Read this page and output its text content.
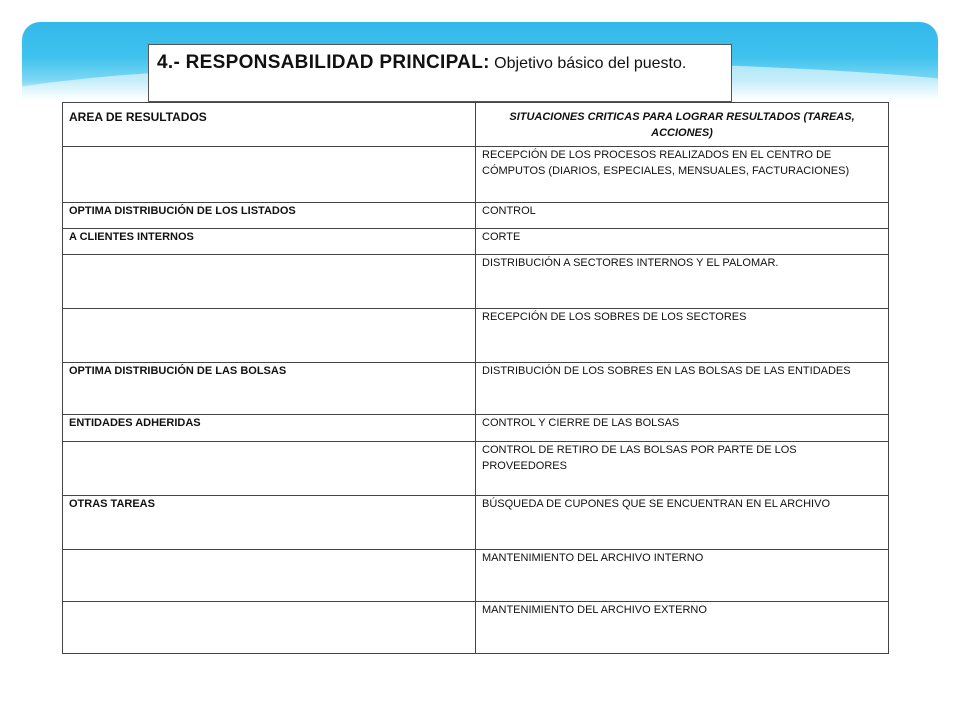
4.- RESPONSABILIDAD PRINCIPAL: Objetivo básico del puesto.
AREA DE RESULTADOS	SITUACIONES CRITICAS PARA LOGRAR RESULTADOS (TAREAS, ACCIONES)
	RECEPCIÓN DE LOS PROCESOS REALIZADOS EN EL CENTRO DE CÓMPUTOS (DIARIOS, ESPECIALES, MENSUALES, FACTURACIONES)
OPTIMA DISTRIBUCIÓN DE LOS LISTADOS	CONTROL
A CLIENTES INTERNOS	CORTE
	DISTRIBUCIÓN A SECTORES INTERNOS Y EL PALOMAR.
	RECEPCIÓN DE LOS SOBRES DE LOS SECTORES
OPTIMA DISTRIBUCIÓN DE LAS BOLSAS	DISTRIBUCIÓN DE LOS SOBRES EN LAS BOLSAS DE LAS ENTIDADES
ENTIDADES ADHERIDAS	CONTROL Y CIERRE DE LAS BOLSAS
	CONTROL DE RETIRO DE LAS BOLSAS POR PARTE DE LOS PROVEEDORES
OTRAS TAREAS	BÚSQUEDA DE CUPONES QUE SE ENCUENTRAN EN EL ARCHIVO
	MANTENIMIENTO DEL ARCHIVO INTERNO
	MANTENIMIENTO DEL ARCHIVO EXTERNO
